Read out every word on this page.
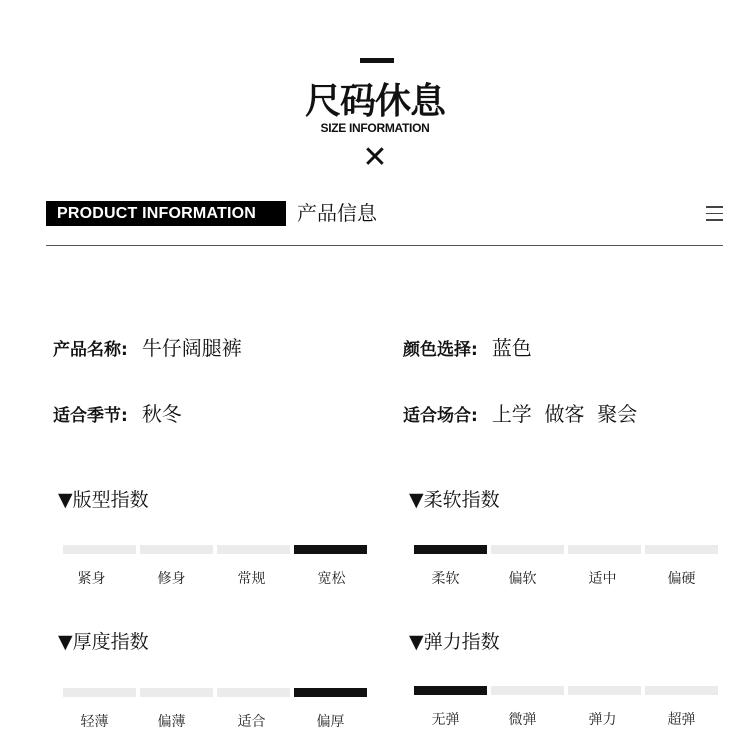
尺码休息
SIZE INFORMATION
✕
PRODUCT INFORMATION	产品信息
产品名称: 牛仔阔腿裤	颜色选择: 蓝色
适合季节: 秋冬	适合场合: 上学  做客  聚会
▼版型指数
紧身	修身	常规	宽松
▼柔软指数
柔软	偏软	适中	偏硬
▼厚度指数
轻薄	偏薄	适合	偏厚
▼弹力指数
无弹	微弹	弹力	超弹
